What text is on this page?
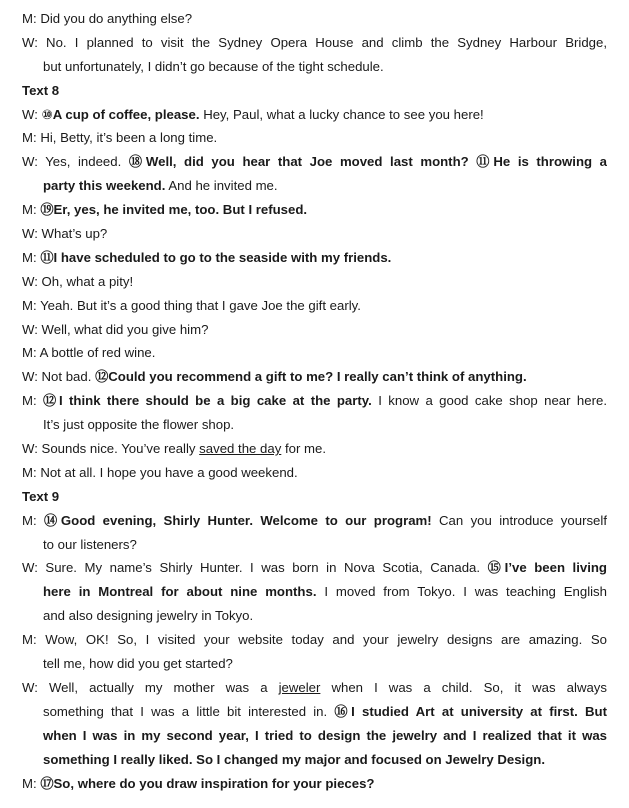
M: Did you do anything else?
W: No. I planned to visit the Sydney Opera House and climb the Sydney Harbour Bridge,
but unfortunately, I didn’t go because of the tight schedule.
Text 8
W: ⑩A cup of coffee, please. Hey, Paul, what a lucky chance to see you here!
M: Hi, Betty, it’s been a long time.
W: Yes, indeed. ⑱Well, did you hear that Joe moved last month? ⑪He is throwing a
party this weekend. And he invited me.
M: ⑲Er, yes, he invited me, too. But I refused.
W: What’s up?
M: ⑪I have scheduled to go to the seaside with my friends.
W: Oh, what a pity!
M: Yeah. But it’s a good thing that I gave Joe the gift early.
W: Well, what did you give him?
M: A bottle of red wine.
W: Not bad. ⑫Could you recommend a gift to me? I really can’t think of anything.
M: ⑫I think there should be a big cake at the party. I know a good cake shop near here.
It’s just opposite the flower shop.
W: Sounds nice. You’ve really saved the day for me.
M: Not at all. I hope you have a good weekend.
Text 9
M: ⑭Good evening, Shirly Hunter. Welcome to our program! Can you introduce yourself
to our listeners?
W: Sure. My name’s Shirly Hunter. I was born in Nova Scotia, Canada. ⑮I’ve been living
here in Montreal for about nine months. I moved from Tokyo. I was teaching English
and also designing jewelry in Tokyo.
M: Wow, OK! So, I visited your website today and your jewelry designs are amazing. So
tell me, how did you get started?
W: Well, actually my mother was a jeweler when I was a child. So, it was always
something that I was a little bit interested in. ⑯I studied Art at university at first. But
when I was in my second year, I tried to design the jewelry and I realized that it was
something I really liked. So I changed my major and focused on Jewelry Design.
M: ⑰So, where do you draw inspiration for your pieces?
